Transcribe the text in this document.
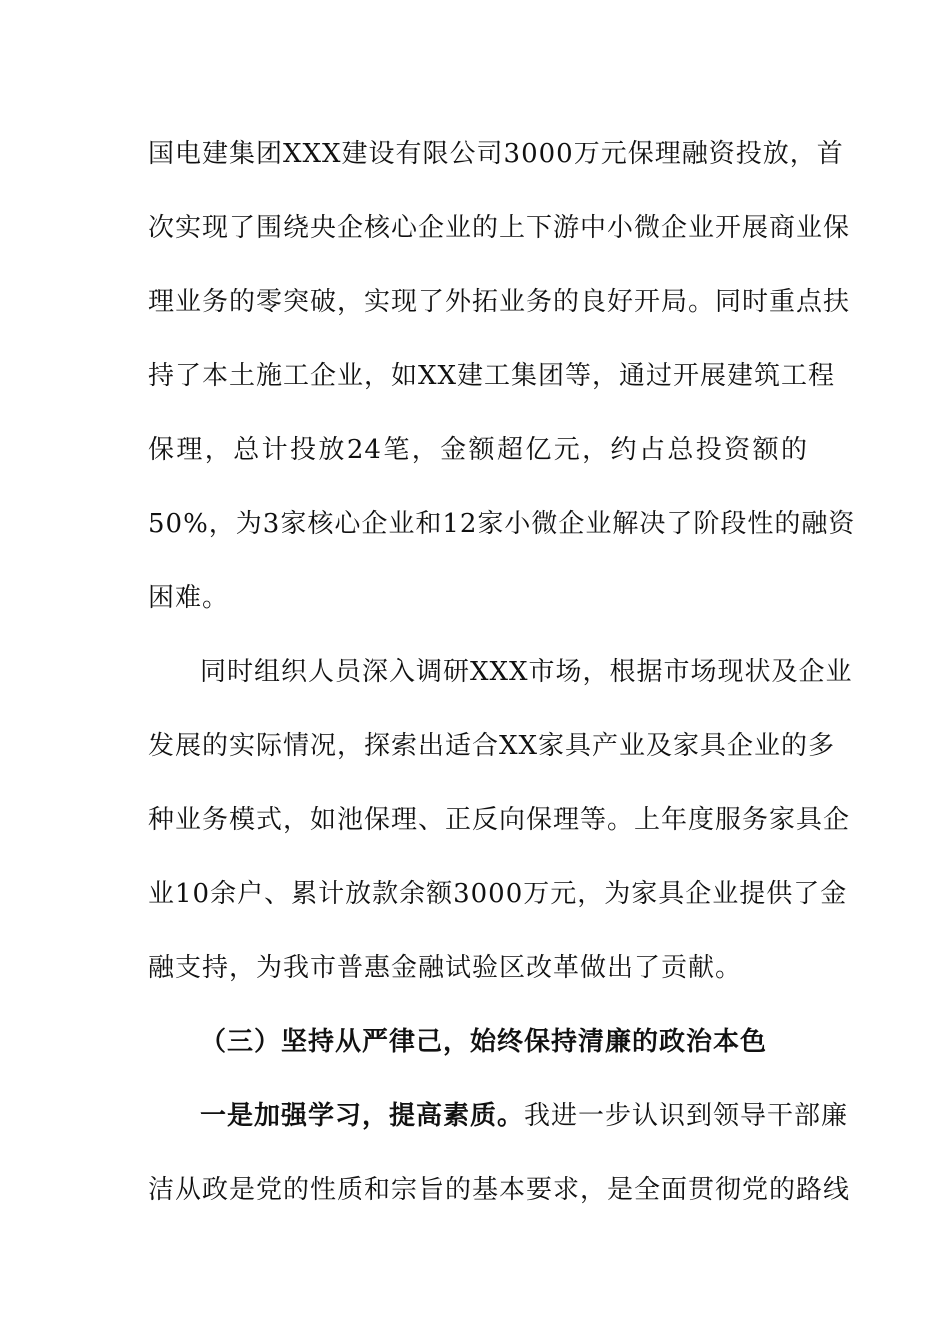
国电建集团XXX建设有限公司3000万元保理融资投放，首
次实现了围绕央企核心企业的上下游中小微企业开展商业保
理业务的零突破，实现了外拓业务的良好开局。同时重点扶
持了本土施工企业，如XX建工集团等，通过开展建筑工程
保理，总计投放24笔，金额超亿元，约占总投资额的
50%，为3家核心企业和12家小微企业解决了阶段性的融资
困难。
同时组织人员深入调研XXX市场，根据市场现状及企业
发展的实际情况，探索出适合XX家具产业及家具企业的多
种业务模式，如池保理、正反向保理等。上年度服务家具企
业10余户、累计放款余额3000万元，为家具企业提供了金
融支持，为我市普惠金融试验区改革做出了贡献。
（三）坚持从严律己，始终保持清廉的政治本色
一是加强学习，提高素质。我进一步认识到领导干部廉
洁从政是党的性质和宗旨的基本要求，是全面贯彻党的路线
